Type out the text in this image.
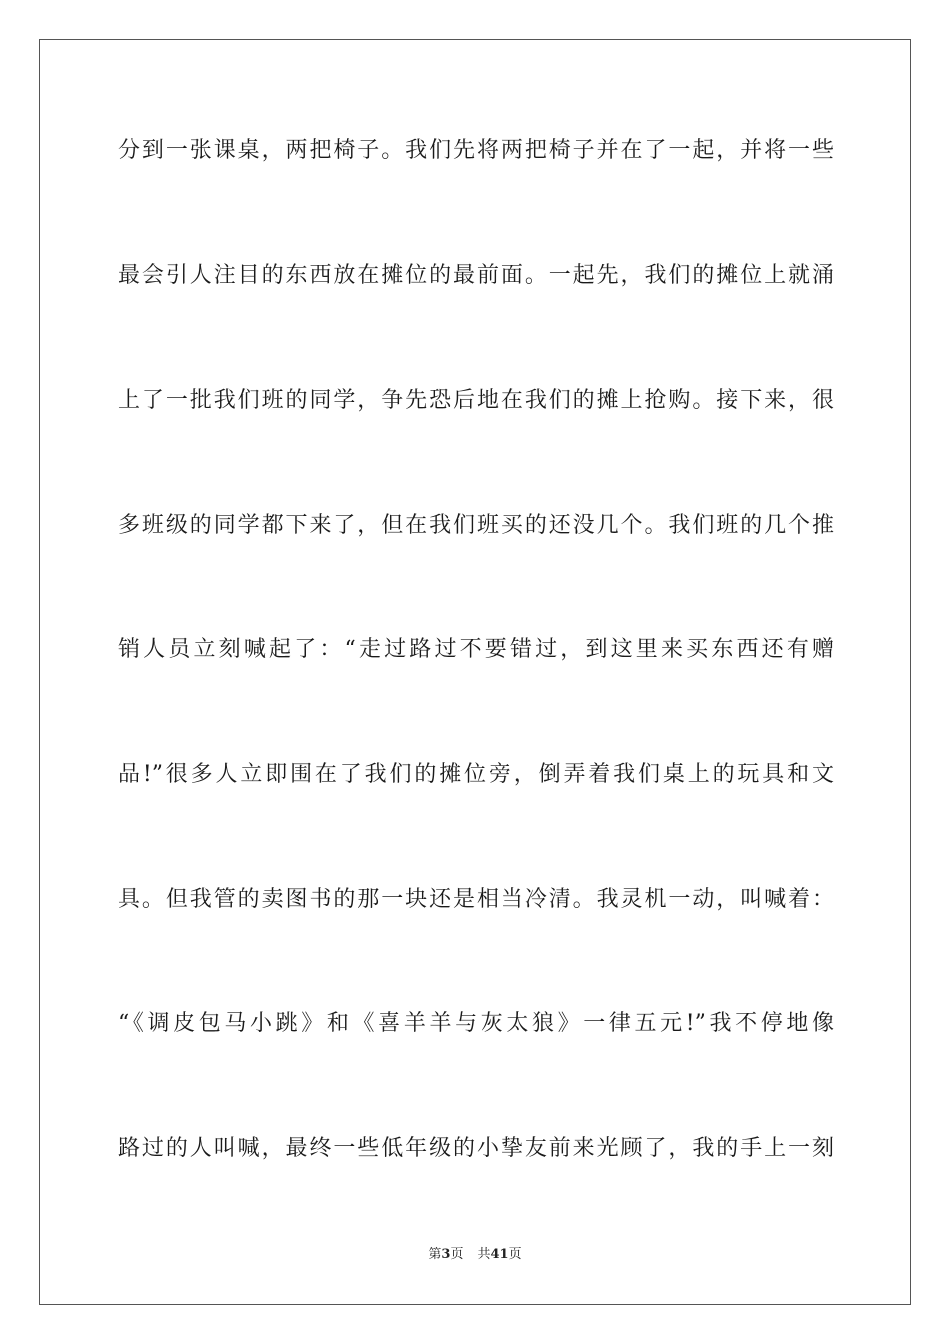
分到一张课桌，两把椅子。我们先将两把椅子并在了一起，并将一些
最会引人注目的东西放在摊位的最前面。一起先，我们的摊位上就涌
上了一批我们班的同学，争先恐后地在我们的摊上抢购。接下来，很
多班级的同学都下来了，但在我们班买的还没几个。我们班的几个推
销人员立刻喊起了：“走过路过不要错过，到这里来买东西还有赠
品!”很多人立即围在了我们的摊位旁，倒弄着我们桌上的玩具和文
具。但我管的卖图书的那一块还是相当冷清。我灵机一动，叫喊着：
“《调皮包马小跳》和《喜羊羊与灰太狼》一律五元!”我不停地像
路过的人叫喊，最终一些低年级的小挚友前来光顾了，我的手上一刻
第3页 共41页
